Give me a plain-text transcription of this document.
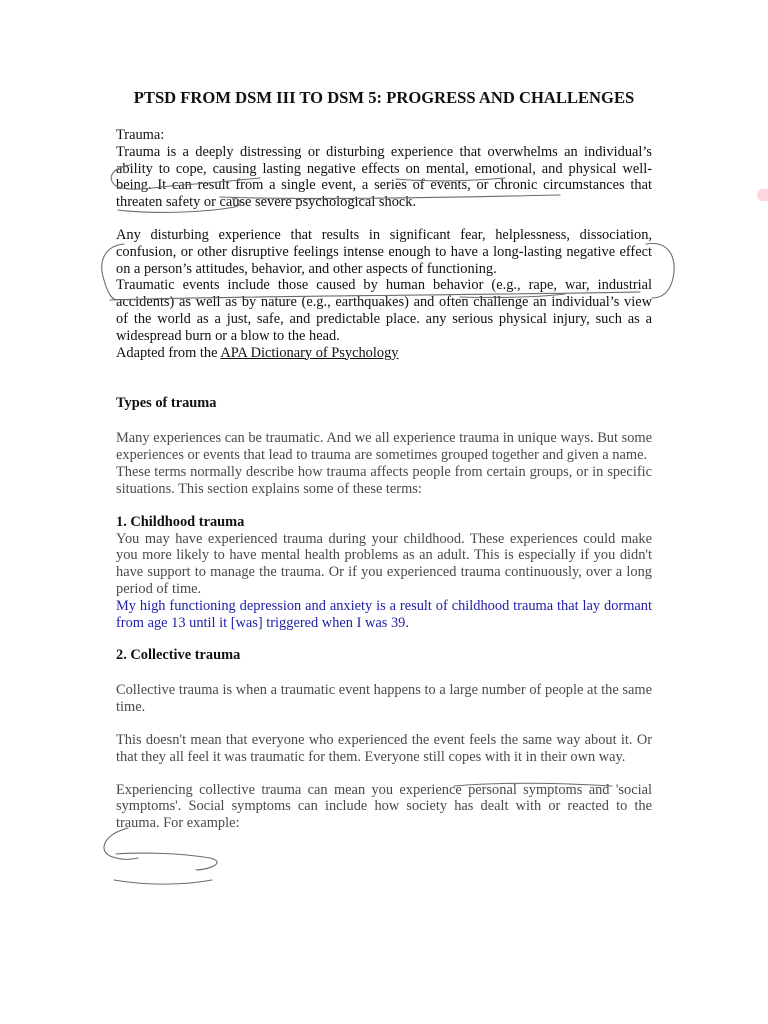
PTSD FROM DSM III TO DSM 5: PROGRESS AND CHALLENGES

Trauma:

Trauma is a deeply distressing or disturbing experience that overwhelms an individual’s ability to cope, causing lasting negative effects on mental, emotional, and physical well-being. It can result from a single event, a series of events, or chronic circumstances that threaten safety or cause severe psychological shock.

Any disturbing experience that results in significant fear, helplessness, dissociation, confusion, or other disruptive feelings intense enough to have a long-lasting negative effect on a person’s attitudes, behavior, and other aspects of functioning.

Traumatic events include those caused by human behavior (e.g., rape, war, industrial accidents) as well as by nature (e.g., earthquakes) and often challenge an individual’s view of the world as a just, safe, and predictable place. any serious physical injury, such as a widespread burn or a blow to the head.

Adapted from the APA Dictionary of Psychology

Types of trauma

Many experiences can be traumatic. And we all experience trauma in unique ways. But some experiences or events that lead to trauma are sometimes grouped together and given a name.

These terms normally describe how trauma affects people from certain groups, or in specific situations. This section explains some of these terms:

1. Childhood trauma

You may have experienced trauma during your childhood. These experiences could make you more likely to have mental health problems as an adult. This is especially if you didn't have support to manage the trauma. Or if you experienced trauma continuously, over a long period of time.

My high functioning depression and anxiety is a result of childhood trauma that lay dormant from age 13 until it [was] triggered when I was 39.

2. Collective trauma

Collective trauma is when a traumatic event happens to a large number of people at the same time.

This doesn't mean that everyone who experienced the event feels the same way about it. Or that they all feel it was traumatic for them. Everyone still copes with it in their own way.

Experiencing collective trauma can mean you experience personal symptoms and 'social symptoms'. Social symptoms can include how society has dealt with or reacted to the trauma. For example:
